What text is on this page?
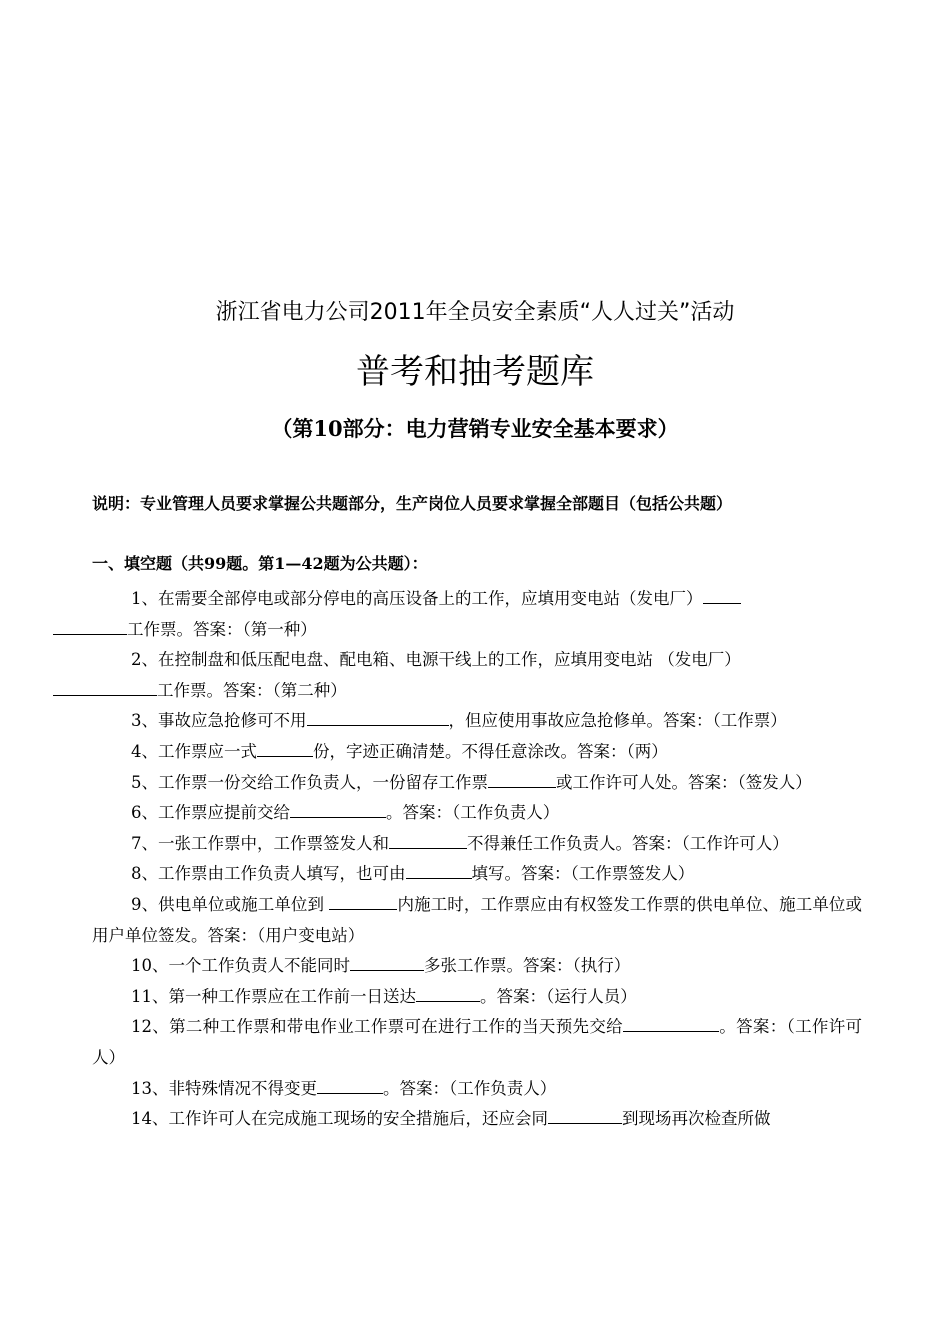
浙江省电力公司2011年全员安全素质“人人过关”活动
普考和抽考题库
（第10部分：电力营销专业安全基本要求）
说明：专业管理人员要求掌握公共题部分，生产岗位人员要求掌握全部题目（包括公共题）
一、填空题（共99题。第1—42题为公共题）：

1、在需要全部停电或部分停电的高压设备上的工作，应填用变电站（发电厂）
工作票。答案：（第一种）

2、在控制盘和低压配电盘、配电箱、电源干线上的工作，应填用变电站 （发电厂）
工作票。答案：（第二种）

3、事故应急抢修可不用	，但应使用事故应急抢修单。答案：（工作票）

4、工作票应一式	份，字迹正确清楚。不得任意涂改。答案：（两）

5、工作票一份交给工作负责人，一份留存工作票	或工作许可人处。答案：（签发人）

6、工作票应提前交给	。答案：（工作负责人）

7、一张工作票中，工作票签发人和	不得兼任工作负责人。答案：（工作许可人）

8、工作票由工作负责人填写，也可由	填写。答案：（工作票签发人）

9、供电单位或施工单位到	内施工时，工作票应由有权签发工作票的供电单位、施工单位或用户单位签发。答案：（用户变电站）

10、一个工作负责人不能同时	多张工作票。答案：（执行）

11、第一种工作票应在工作前一日送达	。答案：（运行人员）

12、第二种工作票和带电作业工作票可在进行工作的当天预先交给	。答案：（工作许可人）

13、非特殊情况不得变更	。答案：（工作负责人）

14、工作许可人在完成施工现场的安全措施后，还应会同	到现场再次检查所做
